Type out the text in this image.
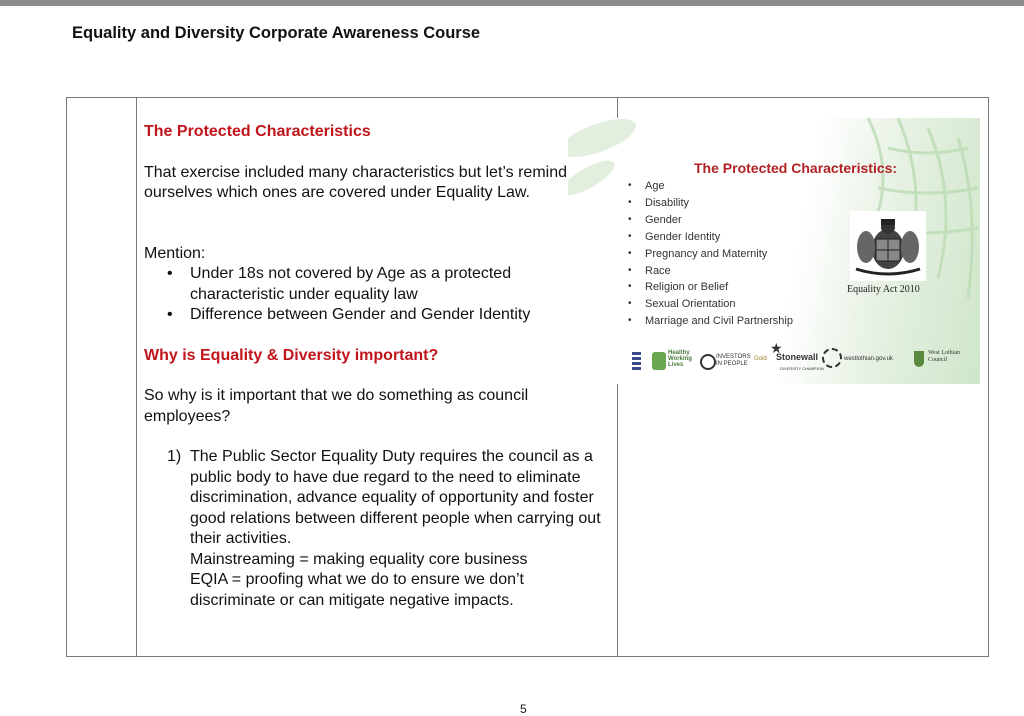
Equality and Diversity Corporate Awareness Course

The Protected Characteristics

That exercise included many characteristics but let’s remind ourselves which ones are covered under Equality Law.

Mention:

• Under 18s not covered by Age as a protected characteristic under equality law
• Difference between Gender and Gender Identity

Why is Equality & Diversity important?

So why is it important that we do something as council employees?

1) The Public Sector Equality Duty requires the council as a public body to have due regard to the need to eliminate discrimination, advance equality of opportunity and foster good relations between different people when carrying out their activities.
Mainstreaming = making equality core business
EQIA = proofing what we do to ensure we don’t discriminate or can mitigate negative impacts.
The Protected Characteristics:
• Age
• Disability
• Gender
• Gender Identity
• Pregnancy and Maternity
• Race
• Religion or Belief
• Sexual Orientation
• Marriage and Civil Partnership
Equality Act 2010
Healthy Working Lives
INVESTORS IN PEOPLE
Gold
★
Stonewall
DIVERSITY CHAMPION
westlothian.gov.uk
West Lothian Council
5
